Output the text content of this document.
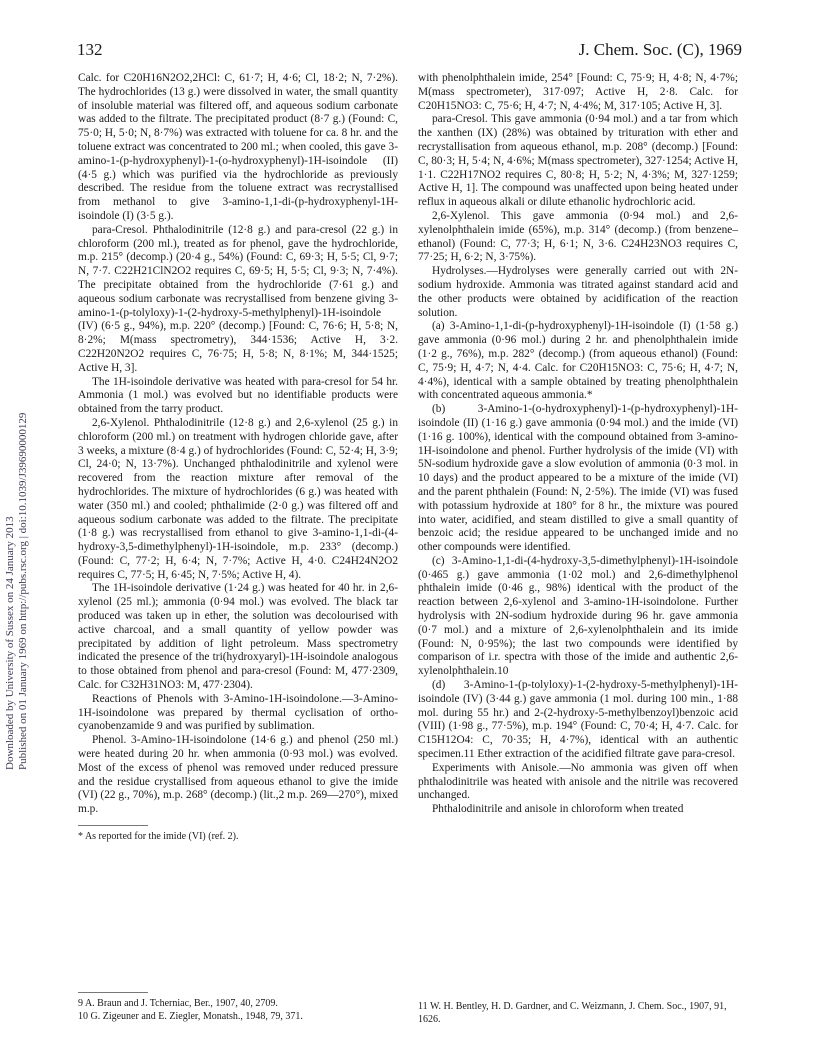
132	J. Chem. Soc. (C), 1969
Downloaded by University of Sussex on 24 January 2013 Published on 01 January 1969 on http://pubs.rsc.org | doi:10.1039/J39690000129

Calc. for C20H16N2O2,2HCl: C, 61·7; H, 4·6; Cl, 18·2; N, 7·2%). The hydrochlorides (13 g.) were dissolved in water, the small quantity of insoluble material was filtered off, and aqueous sodium carbonate was added to the filtrate. The precipitated product (8·7 g.) (Found: C, 75·0; H, 5·0; N, 8·7%) was extracted with toluene for ca. 8 hr. and the toluene extract was concentrated to 200 ml.; when cooled, this gave 3-amino-1-(p-hydroxyphenyl)-1-(o-hydroxyphenyl)-1H-isoindole (II) (4·5 g.) which was purified via the hydrochloride as previously described. The residue from the toluene extract was recrystallised from methanol to give 3-amino-1,1-di-(p-hydroxyphenyl-1H-isoindole (I) (3·5 g.).

para-Cresol. Phthalodinitrile (12·8 g.) and para-cresol (22 g.) in chloroform (200 ml.), treated as for phenol, gave the hydrochloride, m.p. 215° (decomp.) (20·4 g., 54%) (Found: C, 69·3; H, 5·5; Cl, 9·7; N, 7·7. C22H21ClN2O2 requires C, 69·5; H, 5·5; Cl, 9·3; N, 7·4%). The precipitate obtained from the hydrochloride (7·61 g.) and aqueous sodium carbonate was recrystallised from benzene giving 3-amino-1-(p-tolyloxy)-1-(2-hydroxy-5-methylphenyl)-1H-isoindole (IV) (6·5 g., 94%), m.p. 220° (decomp.) [Found: C, 76·6; H, 5·8; N, 8·2%; M(mass spectrometry), 344·1536; Active H, 3·2. C22H20N2O2 requires C, 76·75; H, 5·8; N, 8·1%; M, 344·1525; Active H, 3].

The 1H-isoindole derivative was heated with para-cresol for 54 hr. Ammonia (1 mol.) was evolved but no identifiable products were obtained from the tarry product.

2,6-Xylenol. Phthalodinitrile (12·8 g.) and 2,6-xylenol (25 g.) in chloroform (200 ml.) on treatment with hydrogen chloride gave, after 3 weeks, a mixture (8·4 g.) of hydrochlorides (Found: C, 52·4; H, 3·9; Cl, 24·0; N, 13·7%). Unchanged phthalodinitrile and xylenol were recovered from the reaction mixture after removal of the hydrochlorides. The mixture of hydrochlorides (6 g.) was heated with water (350 ml.) and cooled; phthalimide (2·0 g.) was filtered off and aqueous sodium carbonate was added to the filtrate. The precipitate (1·8 g.) was recrystallised from ethanol to give 3-amino-1,1-di-(4-hydroxy-3,5-dimethylphenyl)-1H-isoindole, m.p. 233° (decomp.) (Found: C, 77·2; H, 6·4; N, 7·7%; Active H, 4·0. C24H24N2O2 requires C, 77·5; H, 6·45; N, 7·5%; Active H, 4).

The 1H-isoindole derivative (1·24 g.) was heated for 40 hr. in 2,6-xylenol (25 ml.); ammonia (0·94 mol.) was evolved. The black tar produced was taken up in ether, the solution was decolourised with active charcoal, and a small quantity of yellow powder was precipitated by addition of light petroleum. Mass spectrometry indicated the presence of the tri(hydroxyaryl)-1H-isoindole analogous to those obtained from phenol and para-cresol (Found: M, 477·2309, Calc. for C32H31NO3: M, 477·2304).

Reactions of Phenols with 3-Amino-1H-isoindolone.—3-Amino-1H-isoindolone was prepared by thermal cyclisation of ortho-cyanobenzamide 9 and was purified by sublimation.

Phenol. 3-Amino-1H-isoindolone (14·6 g.) and phenol (250 ml.) were heated during 20 hr. when ammonia (0·93 mol.) was evolved. Most of the excess of phenol was removed under reduced pressure and the residue crystallised from aqueous ethanol to give the imide (VI) (22 g., 70%), m.p. 268° (decomp.) (lit.,2 m.p. 269—270°), mixed m.p.

* As reported for the imide (VI) (ref. 2).

9 A. Braun and J. Tcherniac, Ber., 1907, 40, 2709.
10 G. Zigeuner and E. Ziegler, Monatsh., 1948, 79, 371.

with phenolphthalein imide, 254° [Found: C, 75·9; H, 4·8; N, 4·7%; M(mass spectrometer), 317·097; Active H, 2·8. Calc. for C20H15NO3: C, 75·6; H, 4·7; N, 4·4%; M, 317·105; Active H, 3].

para-Cresol. This gave ammonia (0·94 mol.) and a tar from which the xanthen (IX) (28%) was obtained by trituration with ether and recrystallisation from aqueous ethanol, m.p. 208° (decomp.) [Found: C, 80·3; H, 5·4; N, 4·6%; M(mass spectrometer), 327·1254; Active H, 1·1. C22H17NO2 requires C, 80·8; H, 5·2; N, 4·3%; M, 327·1259; Active H, 1]. The compound was unaffected upon being heated under reflux in aqueous alkali or dilute ethanolic hydrochloric acid.

2,6-Xylenol. This gave ammonia (0·94 mol.) and 2,6-xylenolphthalein imide (65%), m.p. 314° (decomp.) (from benzene–ethanol) (Found: C, 77·3; H, 6·1; N, 3·6. C24H23NO3 requires C, 77·25; H, 6·2; N, 3·75%).

Hydrolyses.—Hydrolyses were generally carried out with 2N-sodium hydroxide. Ammonia was titrated against standard acid and the other products were obtained by acidification of the reaction solution.

(a) 3-Amino-1,1-di-(p-hydroxyphenyl)-1H-isoindole (I) (1·58 g.) gave ammonia (0·96 mol.) during 2 hr. and phenolphthalein imide (1·2 g., 76%), m.p. 282° (decomp.) (from aqueous ethanol) (Found: C, 75·9; H, 4·7; N, 4·4. Calc. for C20H15NO3: C, 75·6; H, 4·7; N, 4·4%), identical with a sample obtained by treating phenolphthalein with concentrated aqueous ammonia.*

(b) 3-Amino-1-(o-hydroxyphenyl)-1-(p-hydroxyphenyl)-1H-isoindole (II) (1·16 g.) gave ammonia (0·94 mol.) and the imide (VI) (1·16 g. 100%), identical with the compound obtained from 3-amino-1H-isoindolone and phenol. Further hydrolysis of the imide (VI) with 5N-sodium hydroxide gave a slow evolution of ammonia (0·3 mol. in 10 days) and the product appeared to be a mixture of the imide (VI) and the parent phthalein (Found: N, 2·5%). The imide (VI) was fused with potassium hydroxide at 180° for 8 hr., the mixture was poured into water, acidified, and steam distilled to give a small quantity of benzoic acid; the residue appeared to be unchanged imide and no other compounds were identified.

(c) 3-Amino-1,1-di-(4-hydroxy-3,5-dimethylphenyl)-1H-isoindole (0·465 g.) gave ammonia (1·02 mol.) and 2,6-dimethylphenol phthalein imide (0·46 g., 98%) identical with the product of the reaction between 2,6-xylenol and 3-amino-1H-isoindolone. Further hydrolysis with 2N-sodium hydroxide during 96 hr. gave ammonia (0·7 mol.) and a mixture of 2,6-xylenolphthalein and its imide (Found: N, 0·95%); the last two compounds were identified by comparison of i.r. spectra with those of the imide and authentic 2,6-xylenolphthalein.10

(d) 3-Amino-1-(p-tolyloxy)-1-(2-hydroxy-5-methylphenyl)-1H-isoindole (IV) (3·44 g.) gave ammonia (1 mol. during 100 min., 1·88 mol. during 55 hr.) and 2-(2-hydroxy-5-methylbenzoyl)benzoic acid (VIII) (1·98 g., 77·5%), m.p. 194° (Found: C, 70·4; H, 4·7. Calc. for C15H12O4: C, 70·35; H, 4·7%), identical with an authentic specimen.11 Ether extraction of the acidified filtrate gave para-cresol.

Experiments with Anisole.—No ammonia was given off when phthalodinitrile was heated with anisole and the nitrile was recovered unchanged.

Phthalodinitrile and anisole in chloroform when treated

11 W. H. Bentley, H. D. Gardner, and C. Weizmann, J. Chem. Soc., 1907, 91, 1626.
